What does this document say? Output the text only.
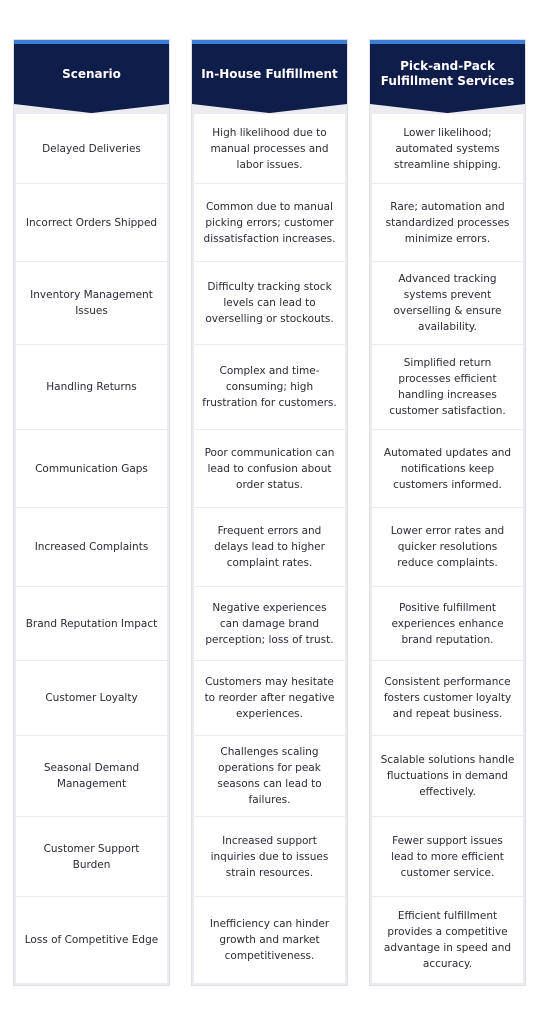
Scenario
Delayed Deliveries
Incorrect Orders Shipped
Inventory Management Issues
Handling Returns
Communication Gaps
Increased Complaints
Brand Reputation Impact
Customer Loyalty
Seasonal Demand Management
Customer Support Burden
Loss of Competitive Edge
In-House Fulfillment
High likelihood due to manual processes and labor issues.
Common due to manual picking errors; customer dissatisfaction increases.
Difficulty tracking stock levels can lead to overselling or stockouts.
Complex and time-consuming; high frustration for customers.
Poor communication can lead to confusion about order status.
Frequent errors and delays lead to higher complaint rates.
Negative experiences can damage brand perception; loss of trust.
Customers may hesitate to reorder after negative experiences.
Challenges scaling operations for peak seasons can lead to failures.
Increased support inquiries due to issues strain resources.
Inefficiency can hinder growth and market competitiveness.
Pick-and-Pack Fulfillment Services
Lower likelihood; automated systems streamline shipping.
Rare; automation and standardized processes minimize errors.
Advanced tracking systems prevent overselling & ensure availability.
Simplified return processes efficient handling increases customer satisfaction.
Automated updates and notifications keep customers informed.
Lower error rates and quicker resolutions reduce complaints.
Positive fulfillment experiences enhance brand reputation.
Consistent performance fosters customer loyalty and repeat business.
Scalable solutions handle fluctuations in demand effectively.
Fewer support issues lead to more efficient customer service.
Efficient fulfillment provides a competitive advantage in speed and accuracy.
